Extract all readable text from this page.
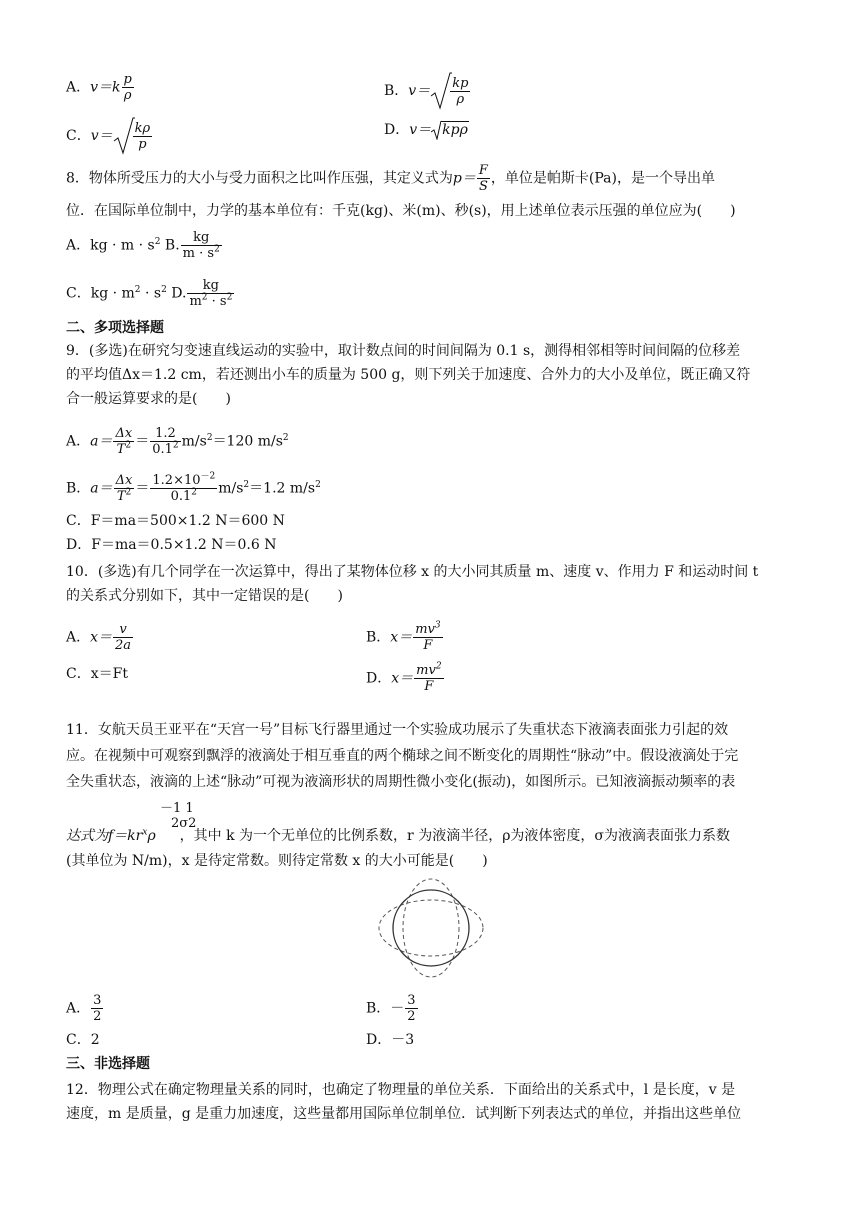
A．$v=k \frac{p}{\rho}$	B．$v= \frac{kp}{\rho}$
C．$v= \frac{k\rho}{p}$	D．v＝ kpρ
8．物体所受压力的大小与受力面积之比叫作压强，其定义式为$p= \frac{F}{S}$ ，单位是帕斯卡(Pa)，是一个导出单
位．在国际单位制中，力学的基本单位有：千克(kg)、米(m)、秒(s)，用上述单位表示压强的单位应为(　　)
A．kg · $m \cdot s^2$ B. $\frac{kg}{m \cdot s^2}$
C．kg · $m^2 \cdot s^2$ D. $\frac{kg}{m^2 \cdot s^2}$
二、多项选择题
9．(多选)在研究匀变速直线运动的实验中，取计数点间的时间间隔为 0.1 s，测得相邻相等时间间隔的位移差
的平均值Δx＝1.2 cm，若还测出小车的质量为 500 g，则下列关于加速度、合外力的大小及单位，既正确又符
合一般运算要求的是(　　)
A．$a= \frac{\Delta x}{T^2} = \frac{1.2}{0.1^2} m/s^2=120$ $m/s^2$
B．$a= \frac{\Delta x}{T^2} = \frac{1.2\times 10^{-2}}{0.1^2} m/s^2=1.2$ $m/s^2$
C．F＝ma＝500×1.2 N＝600 N
D．F＝ma＝0.5×1.2 N＝0.6 N
10．(多选)有几个同学在一次运算中，得出了某物体位移 x 的大小同其质量 m、速度 v、作用力 F 和运动时间 t
的关系式分别如下，其中一定错误的是(　　)
A．$x= \frac{v}{2a}$	B．$x= \frac{mv^3}{F}$
C．x＝Ft	D．$x= \frac{mv^2}{F}$
11．女航天员王亚平在“天宫一号”目标飞行器里通过一个实验成功展示了失重状态下液滴表面张力引起的效
应。在视频中可观察到飘浮的液滴处于相互垂直的两个椭球之间不断变化的周期性“脉动”中。假设液滴处于完
全失重状态，液滴的上述“脉动”可视为液滴形状的周期性微小变化(振动)，如图所示。已知液滴振动频率的表
－1 1
2σ2
达式为$f=kr^x\rho$ ，其中 k 为一个无单位的比例系数，r 为液滴半径，ρ为液体密度，σ为液滴表面张力系数
(其单位为 N/m)，x 是待定常数。则待定常数 x 的大小可能是(　　)
A． $\frac{3}{2}$	B．－ $\frac{3}{2}$
C．2	D．－3
三、非选择题
12．物理公式在确定物理量关系的同时，也确定了物理量的单位关系．下面给出的关系式中，l 是长度，v 是
速度，m 是质量，g 是重力加速度，这些量都用国际单位制单位．试判断下列表达式的单位，并指出这些单位
